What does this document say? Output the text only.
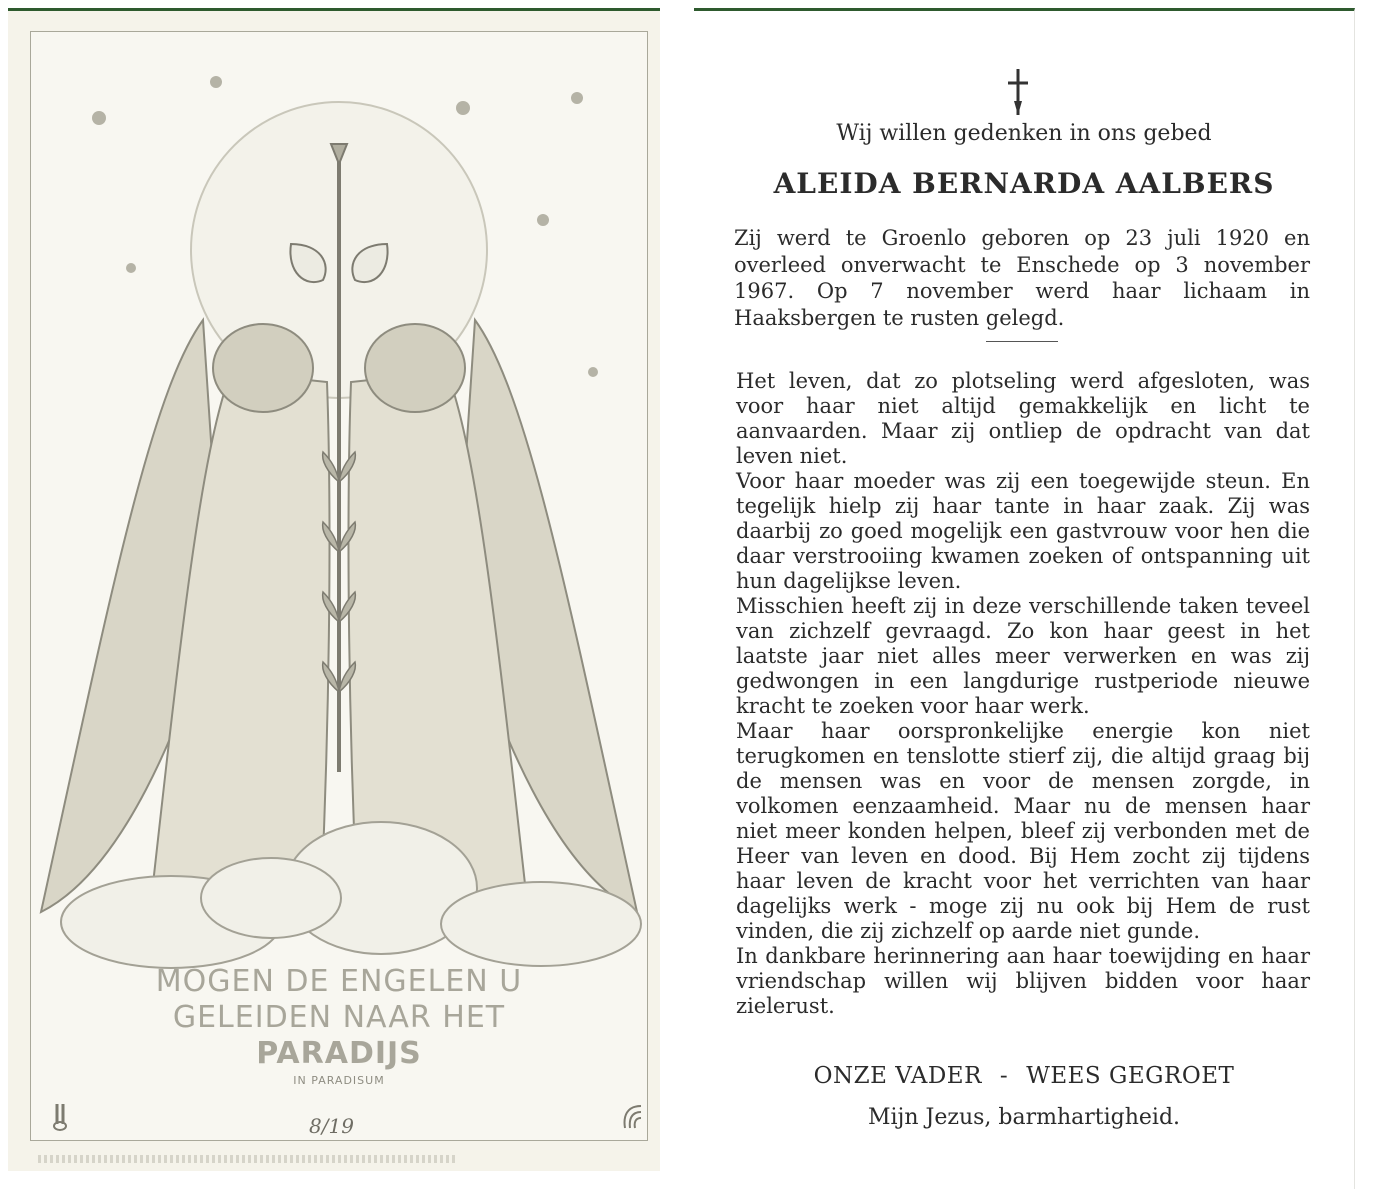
MOGEN DE ENGELEN U
GELEIDEN NAAR HET
PARADIJS
IN PARADISUM
8/19
Wij willen gedenken in ons gebed
ALEIDA BERNARDA AALBERS

Zij werd te Groenlo geboren op 23 juli 1920 en overleed onverwacht te Enschede op 3 november 1967. Op 7 november werd haar lichaam in Haaksbergen te rusten gelegd.

Het leven, dat zo plotseling werd afgesloten, was voor haar niet altijd gemakkelijk en licht te aanvaarden. Maar zij ontliep de opdracht van dat leven niet.

Voor haar moeder was zij een toegewijde steun. En tegelijk hielp zij haar tante in haar zaak. Zij was daarbij zo goed mogelijk een gastvrouw voor hen die daar verstrooiing kwamen zoeken of ontspanning uit hun dagelijkse leven.

Misschien heeft zij in deze verschillende taken teveel van zichzelf gevraagd. Zo kon haar geest in het laatste jaar niet alles meer verwerken en was zij gedwongen in een langdurige rustperiode nieuwe kracht te zoeken voor haar werk.

Maar haar oorspronkelijke energie kon niet terugkomen en tenslotte stierf zij, die altijd graag bij de mensen was en voor de mensen zorgde, in volkomen eenzaamheid. Maar nu de mensen haar niet meer konden helpen, bleef zij verbonden met de Heer van leven en dood. Bij Hem zocht zij tijdens haar leven de kracht voor het verrichten van haar dagelijks werk - moge zij nu ook bij Hem de rust vinden, die zij zichzelf op aarde niet gunde.

In dankbare herinnering aan haar toewijding en haar vriendschap willen wij blijven bidden voor haar zielerust.

ONZE VADER - WEES GEGROET
Mijn Jezus, barmhartigheid.
